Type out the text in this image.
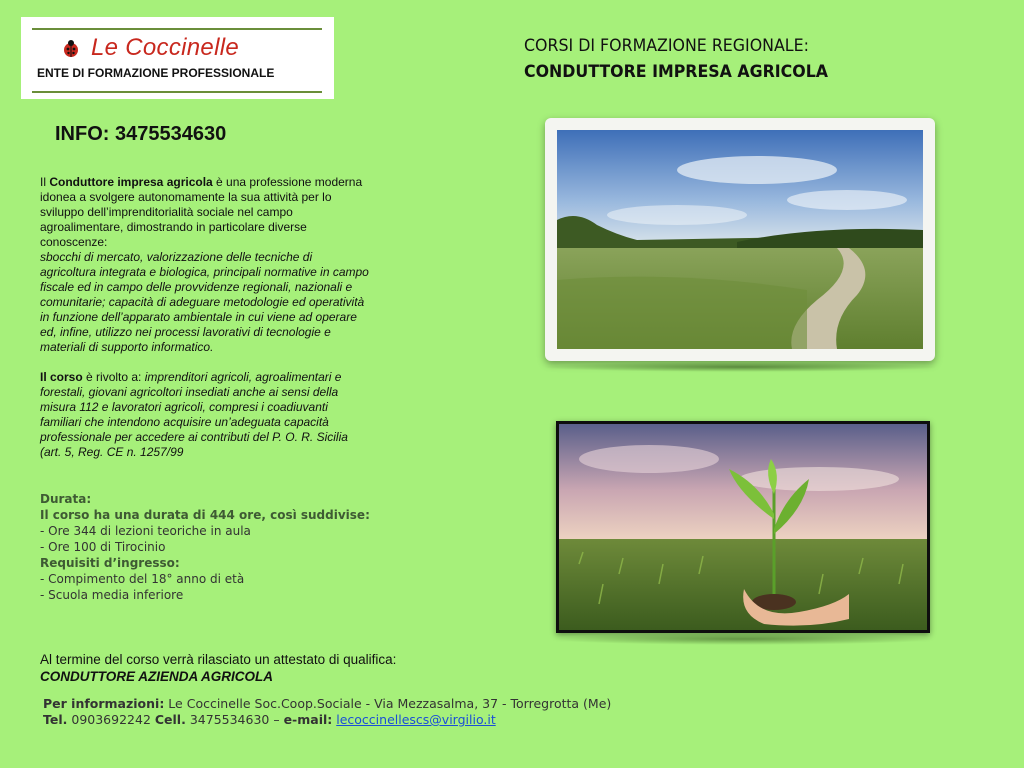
Le Coccinelle
ENTE DI FORMAZIONE PROFESSIONALE
CORSI DI FORMAZIONE REGIONALE:
CONDUTTORE IMPRESA AGRICOLA
INFO: 3475534630

Il Conduttore impresa agricola è una professione moderna idonea a svolgere autonomamente la sua attività per lo sviluppo dell’imprenditorialità sociale nel campo agroalimentare, dimostrando in particolare diverse conoscenze:
sbocchi di mercato, valorizzazione delle tecniche di agricoltura integrata e biologica, principali normative in campo fiscale ed in campo delle provvidenze regionali, nazionali e comunitarie; capacità di adeguare metodologie ed operatività in funzione dell’apparato ambientale in cui viene ad operare ed, infine, utilizzo nei processi lavorativi di tecnologie e materiali di supporto informatico.

Il corso è rivolto a: imprenditori agricoli, agroalimentari e forestali, giovani agricoltori insediati anche ai sensi della misura 112 e lavoratori agricoli, compresi i coadiuvanti familiari che intendono acquisire un’adeguata capacità professionale per accedere ai contributi del P. O. R. Sicilia (art. 5, Reg. CE n. 1257/99

Durata:
Il corso ha una durata di 444 ore, così suddivise:
- Ore 344 di lezioni teoriche in aula
- Ore 100 di Tirocinio
Requisiti d’ingresso:
- Compimento del 18° anno di età
- Scuola media inferiore
Al termine del corso verrà rilasciato un attestato di qualifica:
CONDUTTORE AZIENDA AGRICOLA
Per informazioni: Le Coccinelle Soc.Coop.Sociale - Via Mezzasalma, 37 - Torregrotta (Me)
Tel. 0903692242 Cell. 3475534630 – e-mail: lecoccinellescs@virgilio.it
